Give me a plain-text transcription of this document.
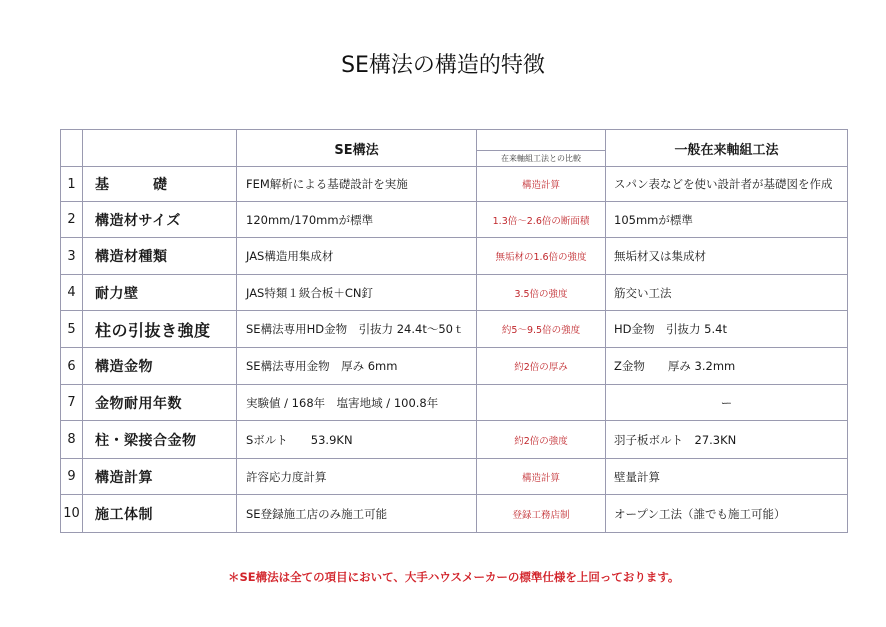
SE構法の構造的特徴

		SE構法	在来軸組工法との比較	一般在来軸組工法
1	基　　　礎	FEM解析による基礎設計を実施	構造計算	スパン表などを使い設計者が基礎図を作成
2	構造材サイズ	120mm/170mmが標準	1.3倍〜2.6倍の断面積	105mmが標準
3	構造材種類	JAS構造用集成材	無垢材の1.6倍の強度	無垢材又は集成材
4	耐力壁	JAS特類１級合板＋CN釘	3.5倍の強度	筋交い工法
5	柱の引抜き強度	SE構法専用HD金物　引抜力 24.4t〜50ｔ	約5〜9.5倍の強度	HD金物　引抜力 5.4t
6	構造金物	SE構法専用金物　厚み 6mm	約2倍の厚み	Z金物　　厚み 3.2mm
7	金物耐用年数	実験値 / 168年　塩害地域 / 100.8年		ー
8	柱・梁接合金物	Sボルト　　53.9KN	約2倍の強度	羽子板ボルト　27.3KN
9	構造計算	許容応力度計算	構造計算	壁量計算
10	施工体制	SE登録施工店のみ施工可能	登録工務店制	オープン工法（誰でも施工可能）
＊SE構法は全ての項目において、大手ハウスメーカーの標準仕様を上回っております。
